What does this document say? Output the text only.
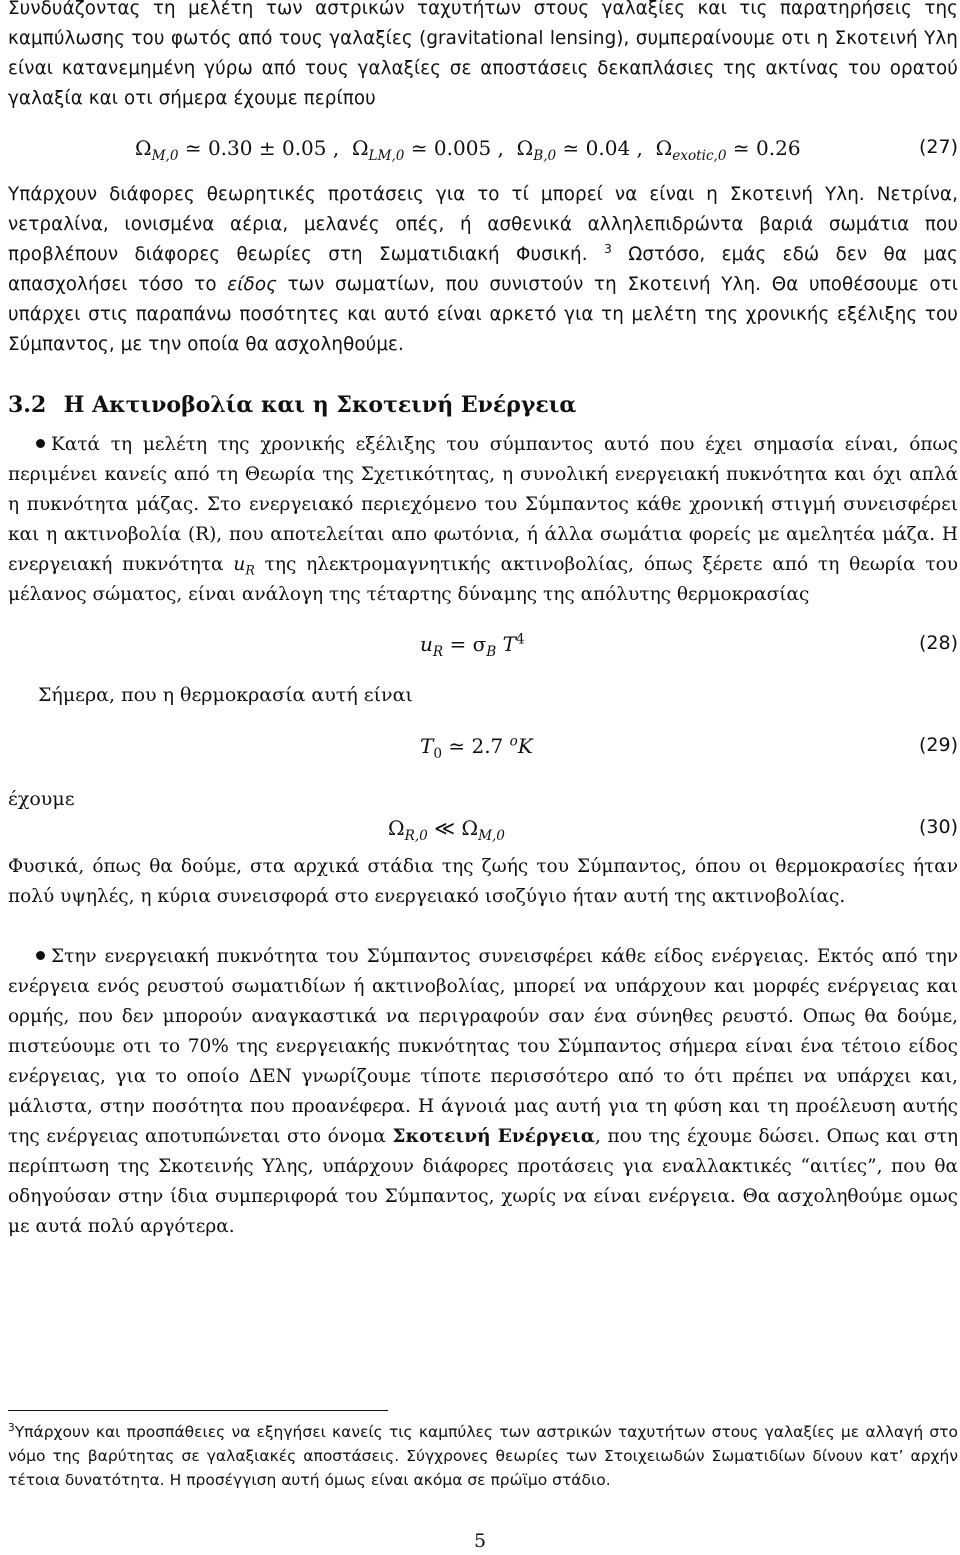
Συνδυάζοντας τη μελέτη των αστρικών ταχυτήτων στους γαλαξίες και τις παρατηρήσεις της καμπύλωσης του φωτός από τους γαλαξίες (gravitational lensing), συμπεραίνουμε οτι η Σκοτεινή Υλη είναι κατανεμημένη γύρω από τους γαλαξίες σε αποστάσεις δεκαπλάσιες της ακτίνας του ορατού γαλαξία και οτι σήμερα έχουμε περίπου

$\Omega_{M,0}$ ≃ 0.30 ± 0.05 , $\Omega_{LM,0}$ ≃ 0.005 , $\Omega_{B,0}$ ≃ 0.04 , $\Omega_{exotic,0}$ ≃ 0.26	(27)

Υπάρχουν διάφορες θεωρητικές προτάσεις για το τί μπορεί να είναι η Σκοτεινή Υλη. Νετρίνα, νετραλίνα, ιονισμένα αέρια, μελανές οπές, ή ασθενικά αλληλεπιδρώντα βαριά σωμάτια που προβλέπουν διάφορες θεωρίες στη Σωματιδιακή Φυσική. $^3$ Ωστόσο, εμάς εδώ δεν θα μας απασχολήσει τόσο το είδος των σωματίων, που συνιστούν τη Σκοτεινή Υλη. Θα υποθέσουμε οτι υπάρχει στις παραπάνω ποσότητες και αυτό είναι αρκετό για τη μελέτη της χρονικής εξέλιξης του Σύμπαντος, με την οποία θα ασχοληθούμε.

3.2 Η Ακτινοβολία και η Σκοτεινή Ενέργεια

Κατά τη μελέτη της χρονικής εξέλιξης του σύμπαντος αυτό που έχει σημασία είναι, όπως περιμένει κανείς από τη Θεωρία της Σχετικότητας, η συνολική ενεργειακή πυκνότητα και όχι απλά η πυκνότητα μάζας. Στο ενεργειακό περιεχόμενο του Σύμπαντος κάθε χρονική στιγμή συνεισφέρει και η ακτινοβολία (R), που αποτελείται απο φωτόνια, ή άλλα σωμάτια φορείς με αμελητέα μάζα. Η ενεργειακή πυκνότητα $u_R$ της ηλεκτρομαγνητικής ακτινοβολίας, όπως ξέρετε από τη θεωρία του μέλανος σώματος, είναι ανάλογη της τέταρτης δύναμης της απόλυτης θερμοκρασίας

$u_R = \sigma_B$ $T^4$	(28)
Σήμερα, που η θερμοκρασία αυτή είναι
$T_0$ ≃ 2.7 $^o$K	(29)
έχουμε
$\Omega_{R,0}$ ≪ $\Omega_{M,0}$	(30)

Φυσικά, όπως θα δούμε, στα αρχικά στάδια της ζωής του Σύμπαντος, όπου οι θερμοκρασίες ήταν πολύ υψηλές, η κύρια συνεισφορά στο ενεργειακό ισοζύγιο ήταν αυτή της ακτινοβολίας.

Στην ενεργειακή πυκνότητα του Σύμπαντος συνεισφέρει κάθε είδος ενέργειας. Εκτός από την ενέργεια ενός ρευστού σωματιδίων ή ακτινοβολίας, μπορεί να υπάρχουν και μορφές ενέργειας και ορμής, που δεν μπορούν αναγκαστικά να περιγραφούν σαν ένα σύνηθες ρευστό. Οπως θα δούμε, πιστεύουμε οτι το 70% της ενεργειακής πυκνότητας του Σύμπαντος σήμερα είναι ένα τέτοιο είδος ενέργειας, για το οποίο ΔΕΝ γνωρίζουμε τίποτε περισσότερο από το ότι πρέπει να υπάρχει και, μάλιστα, στην ποσότητα που προανέφερα. Η άγνοιά μας αυτή για τη φύση και τη προέλευση αυτής της ενέργειας αποτυπώνεται στο όνομα Σκοτεινή Ενέργεια, που της έχουμε δώσει. Οπως και στη περίπτωση της Σκοτεινής Υλης, υπάρχουν διάφορες προτάσεις για εναλλακτικές “αιτίες”, που θα οδηγούσαν στην ίδια συμπεριφορά του Σύμπαντος, χωρίς να είναι ενέργεια. Θα ασχοληθούμε ομως με αυτά πολύ αργότερα.

$^3$Υπάρχουν και προσπάθειες να εξηγήσει κανείς τις καμπύλες των αστρικών ταχυτήτων στους γαλαξίες με αλλαγή στο νόμο της βαρύτητας σε γαλαξιακές αποστάσεις. Σύγχρονες θεωρίες των Στοιχειωδών Σωματιδίων δίνουν κατ’ αρχήν τέτοια δυνατότητα. Η προσέγγιση αυτή όμως είναι ακόμα σε πρώϊμο στάδιο.
5
